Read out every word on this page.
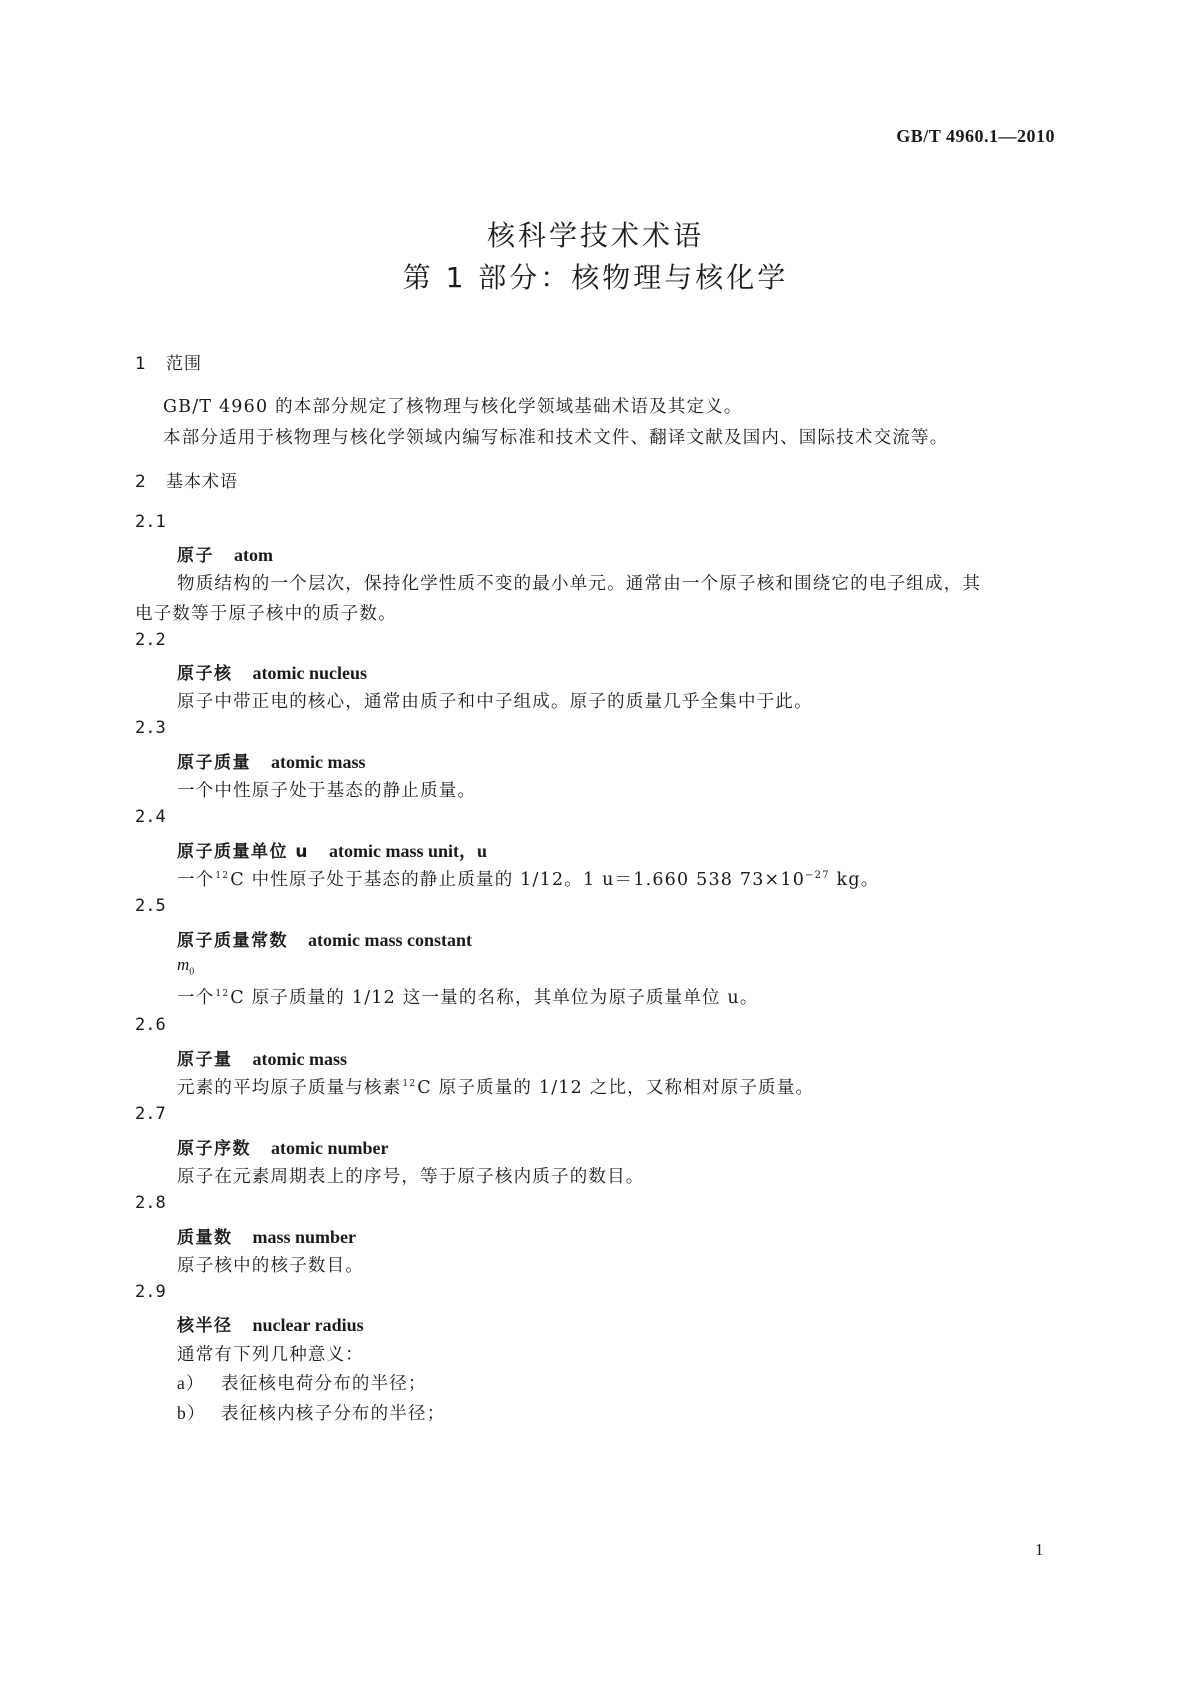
GB/T 4960.1—2010
核科学技术术语
第 1 部分：核物理与核化学
1 范围
GB/T 4960 的本部分规定了核物理与核化学领域基础术语及其定义。
本部分适用于核物理与核化学领域内编写标准和技术文件、翻译文献及国内、国际技术交流等。
2 基本术语
2.1
原子 atom
物质结构的一个层次，保持化学性质不变的最小单元。通常由一个原子核和围绕它的电子组成，其
电子数等于原子核中的质子数。
2.2
原子核 atomic nucleus
原子中带正电的核心，通常由质子和中子组成。原子的质量几乎全集中于此。
2.3
原子质量 atomic mass
一个中性原子处于基态的静止质量。
2.4
原子质量单位 u atomic mass unit，u
一个$^{12}$C 中性原子处于基态的静止质量的 1/12。1 u＝1.660 538 $73\times 10^{-27}$ kg。
2.5
原子质量常数 atomic mass constant
$m_0$
一个$^{12}$C 原子质量的 1/12 这一量的名称，其单位为原子质量单位 u。
2.6
原子量 atomic mass
元素的平均原子质量与核素$^{12}$C 原子质量的 1/12 之比，又称相对原子质量。
2.7
原子序数 atomic number
原子在元素周期表上的序号，等于原子核内质子的数目。
2.8
质量数 mass number
原子核中的核子数目。
2.9
核半径 nuclear radius
通常有下列几种意义：
a） 表征核电荷分布的半径；
b） 表征核内核子分布的半径；
1
